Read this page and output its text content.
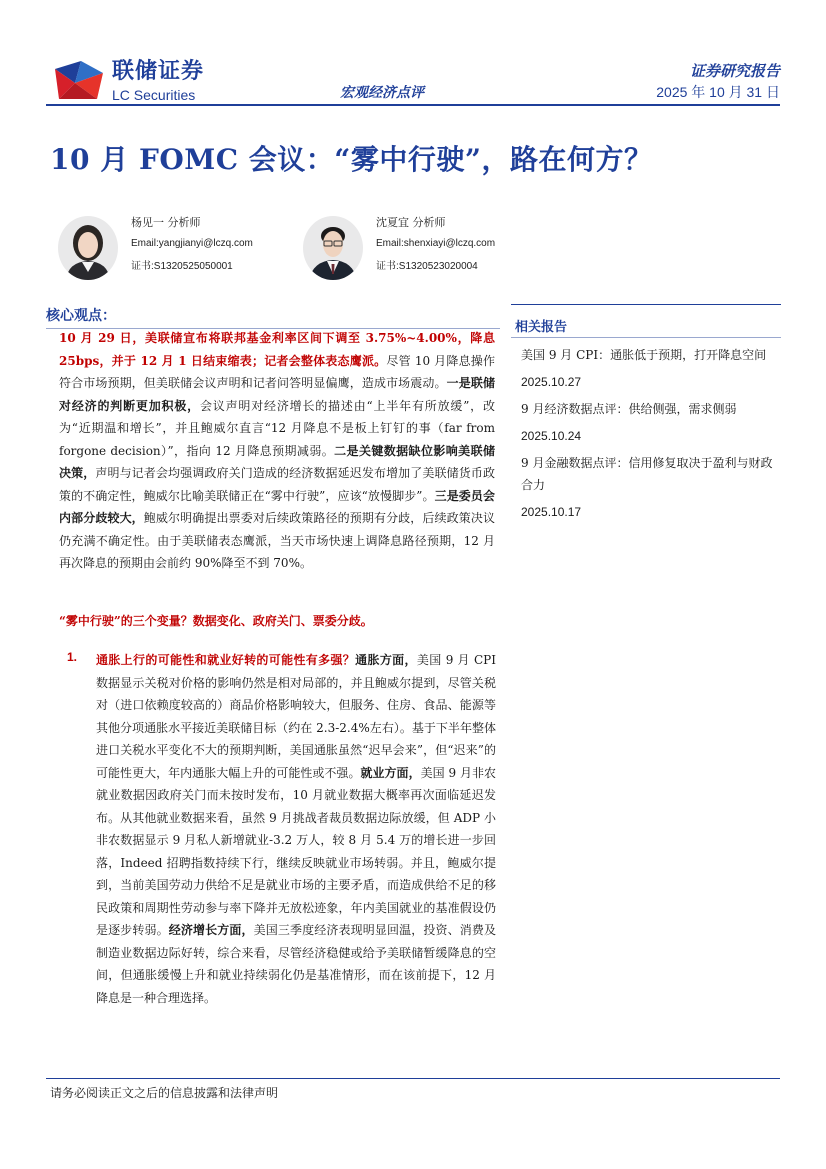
联储证券
LC Securities	宏观经济点评
证券研究报告
2025 年 10 月 31 日
10 月 FOMC 会议：“雾中行驶”，路在何方？
杨见一 分析师
Email:yangjianyi@lczq.com
证书:S1320525050001
沈夏宜 分析师
Email:shenxiayi@lczq.com
证书:S1320523020004
核心观点：
10 月 29 日，美联储宣布将联邦基金利率区间下调至 3.75%~4.00%，降息 25bps，并于 12 月 1 日结束缩表；记者会整体表态鹰派。尽管 10 月降息操作符合市场预期，但美联储会议声明和记者问答明显偏鹰，造成市场震动。一是联储对经济的判断更加积极，会议声明对经济增长的描述由“上半年有所放缓”，改为“近期温和增长”，并且鲍威尔直言“12 月降息不是板上钉钉的事（far from forgone decision）”，指向 12 月降息预期减弱。二是关键数据缺位影响美联储决策，声明与记者会均强调政府关门造成的经济数据延迟发布增加了美联储货币政策的不确定性，鲍威尔比喻美联储正在“雾中行驶”，应该“放慢脚步”。三是委员会内部分歧较大，鲍威尔明确提出票委对后续政策路径的预期有分歧，后续政策决议仍充满不确定性。由于美联储表态鹰派，当天市场快速上调降息路径预期，12 月再次降息的预期由会前约 90%降至不到 70%。
“雾中行驶”的三个变量？数据变化、政府关门、票委分歧。
1. 通胀上行的可能性和就业好转的可能性有多强？通胀方面，美国 9 月 CPI 数据显示关税对价格的影响仍然是相对局部的，并且鲍威尔提到，尽管关税对（进口依赖度较高的）商品价格影响较大，但服务、住房、食品、能源等其他分项通胀水平接近美联储目标（约在 2.3-2.4%左右）。基于下半年整体进口关税水平变化不大的预期判断，美国通胀虽然“迟早会来”，但“迟来”的可能性更大，年内通胀大幅上升的可能性或不强。就业方面，美国 9 月非农就业数据因政府关门而未按时发布，10 月就业数据大概率再次面临延迟发布。从其他就业数据来看，虽然 9 月挑战者裁员数据边际放缓，但 ADP 小非农数据显示 9 月私人新增就业-3.2 万人，较 8 月 5.4 万的增长进一步回落，Indeed 招聘指数持续下行，继续反映就业市场转弱。并且，鲍威尔提到，当前美国劳动力供给不足是就业市场的主要矛盾，而造成供给不足的移民政策和周期性劳动参与率下降并无放松迹象，年内美国就业的基准假设仍是逐步转弱。经济增长方面，美国三季度经济表现明显回温，投资、消费及制造业数据边际好转，综合来看，尽管经济稳健或给予美联储暂缓降息的空间，但通胀缓慢上升和就业持续弱化仍是基准情形，而在该前提下，12 月降息是一种合理选择。
相关报告
美国 9 月 CPI：通胀低于预期，打开降息空间
2025.10.27
9 月经济数据点评：供给侧强，需求侧弱
2025.10.24
9 月金融数据点评：信用修复取决于盈利与财政合力
2025.10.17
请务必阅读正文之后的信息披露和法律声明
